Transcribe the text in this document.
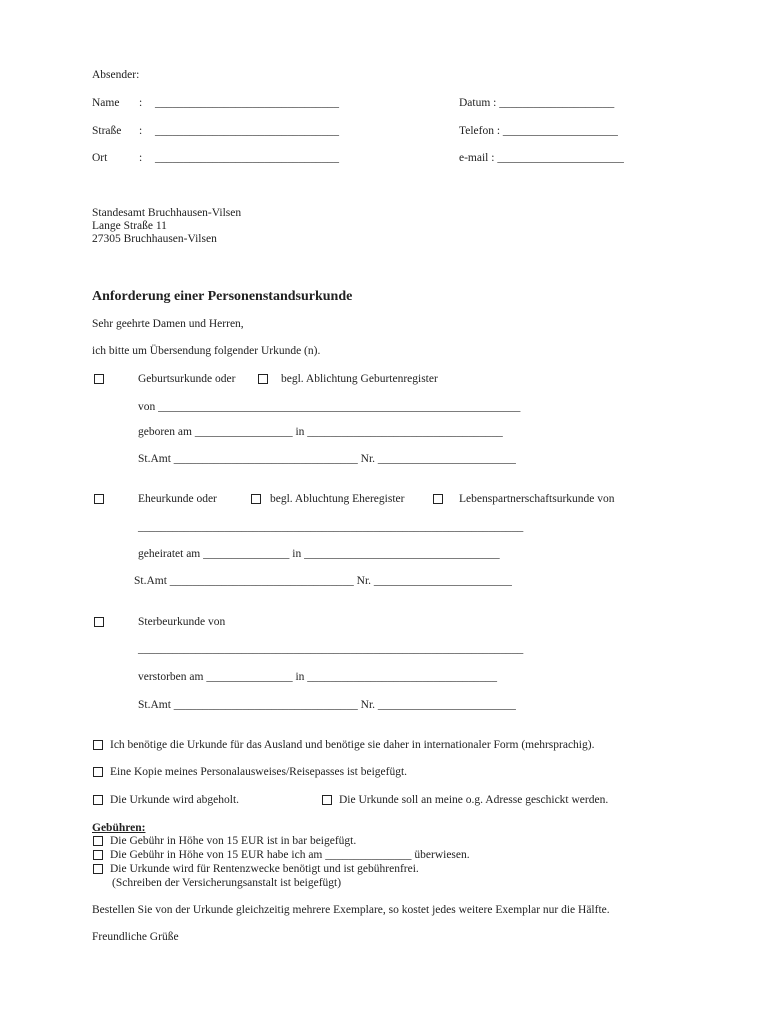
Absender:
Name : ________________________________
Straße : ________________________________
Ort	: ________________________________
Datum : ____________________
Telefon : ____________________
e-mail : ______________________
Standesamt Bruchhausen-Vilsen
Lange Straße 11
27305 Bruchhausen-Vilsen
Anforderung einer Personenstandsurkunde
Sehr geehrte Damen und Herren,
ich bitte um Übersendung folgender Urkunde (n).
Geburtsurkunde oder	begl. Ablichtung Geburtenregister
von _______________________________________________________________
geboren am _________________ in __________________________________
St.Amt ________________________________ Nr. ________________________
Eheurkunde oder	begl. Abluchtung Eheregister	Lebenspartnerschaftsurkunde von
___________________________________________________________________
geheiratet am _______________ in __________________________________
St.Amt ________________________________ Nr. ________________________
Sterbeurkunde von
___________________________________________________________________
verstorben am _______________ in _________________________________
St.Amt ________________________________ Nr. ________________________
Ich benötige die Urkunde für das Ausland und benötige sie daher in internationaler Form (mehrsprachig).
Eine Kopie meines Personalausweises/Reisepasses ist beigefügt.
Die Urkunde wird abgeholt.	Die Urkunde soll an meine o.g. Adresse geschickt werden.
Gebühren:
Die Gebühr in Höhe von 15 EUR ist in bar beigefügt.
Die Gebühr in Höhe von 15 EUR habe ich am _______________ überwiesen.
Die Urkunde wird für Rentenzwecke benötigt und ist gebührenfrei.
(Schreiben der Versicherungsanstalt ist beigefügt)
Bestellen Sie von der Urkunde gleichzeitig mehrere Exemplare, so kostet jedes weitere Exemplar nur die Hälfte.
Freundliche Grüße
